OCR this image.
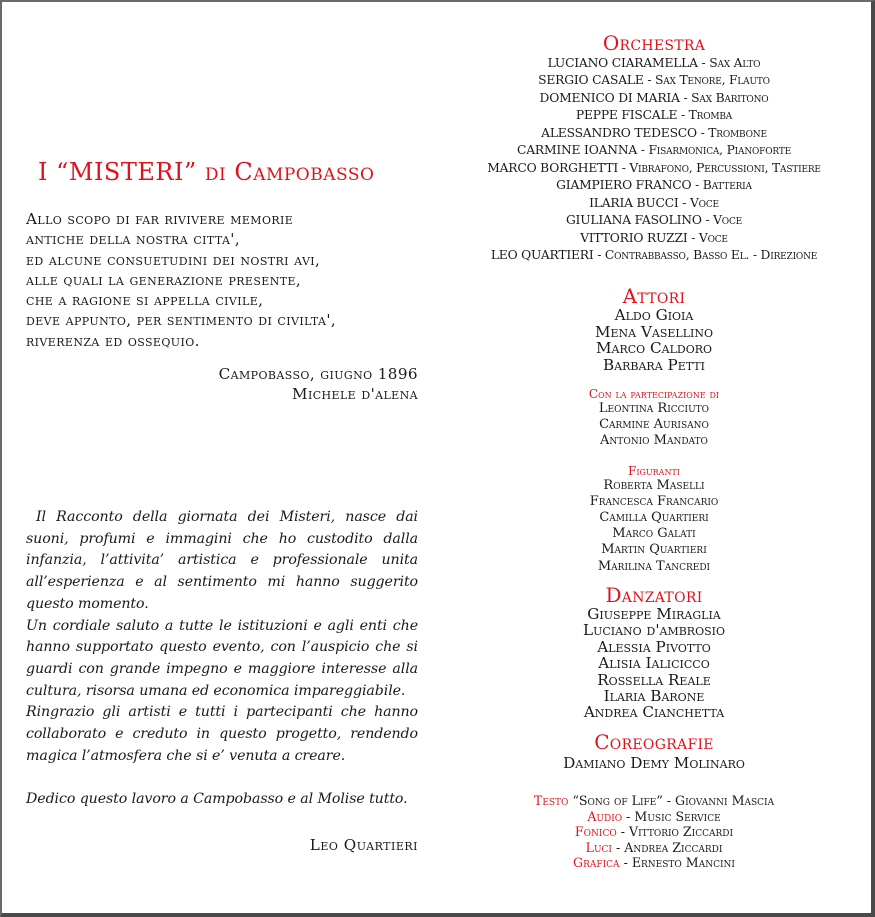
I “MISTERI” di Campobasso
Allo scopo di far rivivere memorie
antiche della nostra citta',
ed alcune consuetudini dei nostri avi,
alle quali la generazione presente,
che a ragione si appella civile,
deve appunto, per sentimento di civilta',
riverenza ed ossequio.
Campobasso, giugno 1896
Michele d'alena

Il Racconto della giornata dei Misteri, nasce dai suoni, profumi e immagini che ho custodito dalla infanzia, l’attivita’ artistica e professionale unita all’esperienza e al sentimento mi hanno suggerito questo momento.

Un cordiale saluto a tutte le istituzioni e agli enti che hanno supportato questo evento, con l’auspicio che si guardi con grande impegno e maggiore interesse alla cultura, risorsa umana ed economica impareggiabile.

Ringrazio gli artisti e tutti i partecipanti che hanno collaborato e creduto in questo progetto, rendendo magica l’atmosfera che si e’ venuta a creare.

Dedico questo lavoro a Campobasso e al Molise tutto.

Leo Quartieri
Orchestra
LUCIANO CIARAMELLA - Sax Alto
SERGIO CASALE - Sax Tenore, Flauto
DOMENICO DI MARIA - Sax Baritono
PEPPE FISCALE - Tromba
ALESSANDRO TEDESCO - Trombone
CARMINE IOANNA - Fisarmonica, Pianoforte
MARCO BORGHETTI - Vibrafono, Percussioni, Tastiere
GIAMPIERO FRANCO - Batteria
ILARIA BUCCI - Voce
GIULIANA FASOLINO - Voce
VITTORIO RUZZI - Voce
LEO QUARTIERI - Contrabbasso, Basso El. - Direzione
Attori
Aldo Gioia
Mena Vasellino
Marco Caldoro
Barbara Petti
Con la partecipazione di
Leontina Ricciuto
Carmine Aurisano
Antonio Mandato
Figuranti
Roberta Maselli
Francesca Francario
Camilla Quartieri
Marco Galati
Martin Quartieri
Marilina Tancredi
Danzatori
Giuseppe Miraglia
Luciano d'ambrosio
Alessia Pivotto
Alisia Ialicicco
Rossella Reale
Ilaria Barone
Andrea Cianchetta
Coreografie
Damiano Demy Molinaro
Testo “Song of Life” - Giovanni Mascia
Audio - Music Service
Fonico - Vittorio Ziccardi
Luci - Andrea Ziccardi
Grafica - Ernesto Mancini
